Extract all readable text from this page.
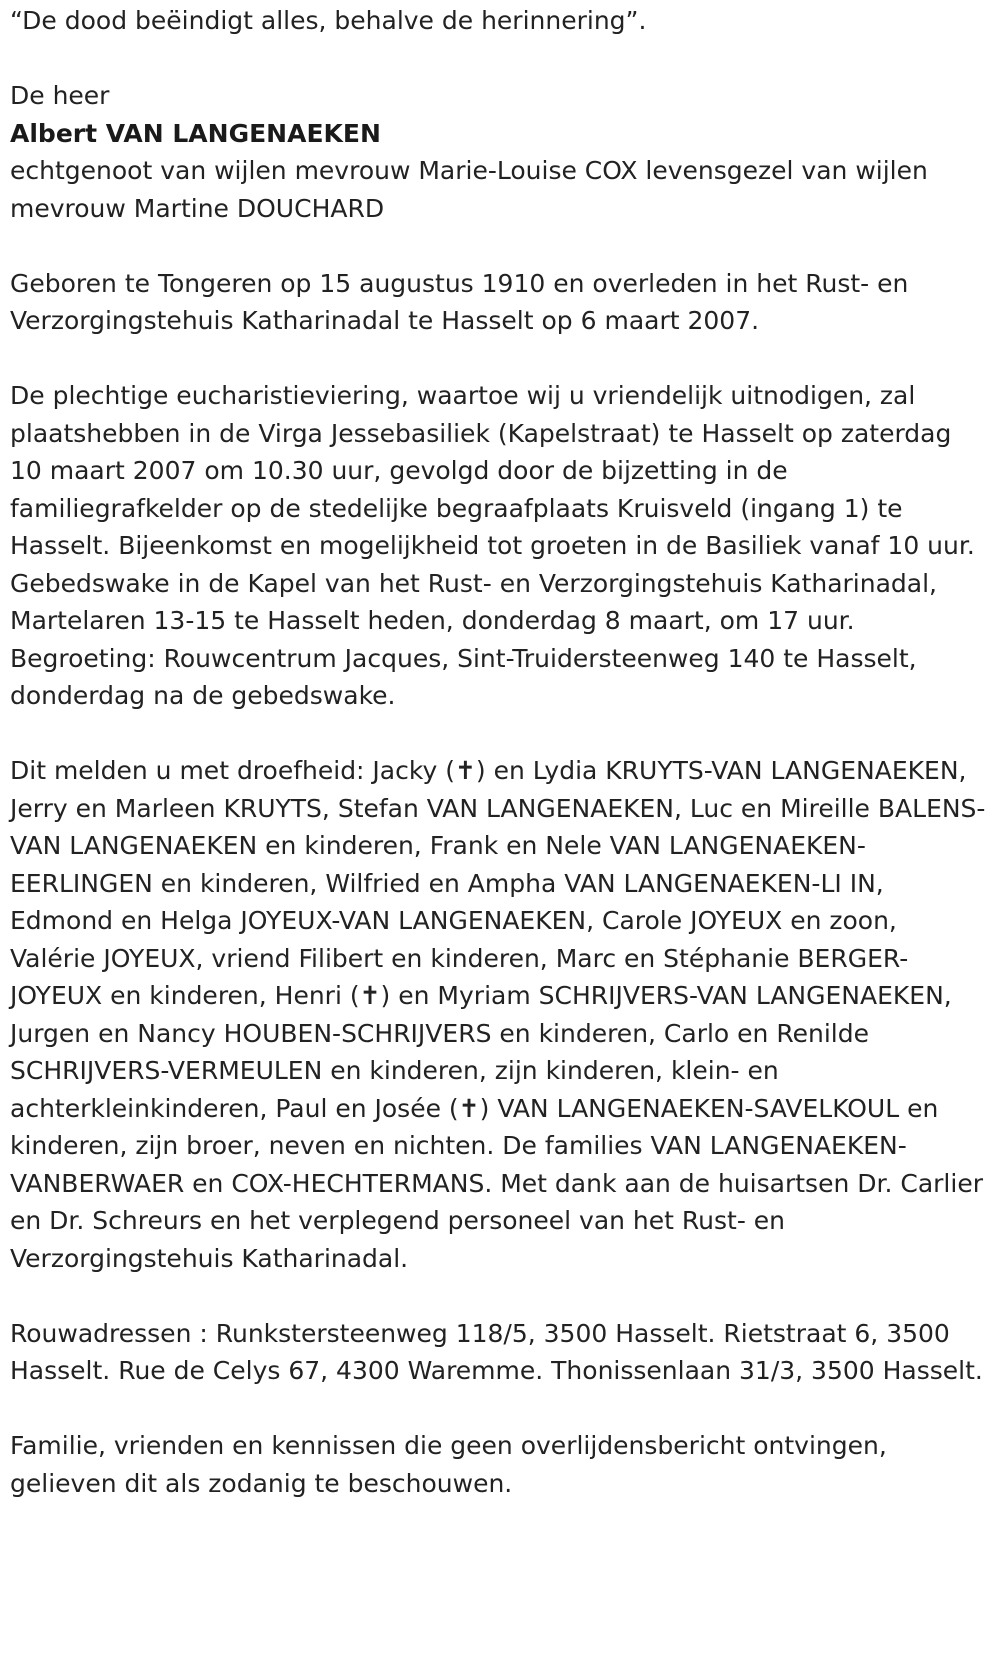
“De dood beëindigt alles, behalve de herinnering”.

De heer

Albert VAN LANGENAEKEN

echtgenoot van wijlen mevrouw Marie-Louise COX levensgezel van wijlen mevrouw Martine DOUCHARD

Geboren te Tongeren op 15 augustus 1910 en overleden in het Rust- en Verzorgingstehuis Katharinadal te Hasselt op 6 maart 2007.

De plechtige eucharistieviering, waartoe wij u vriendelijk uitnodigen, zal plaatshebben in de Virga Jessebasiliek (Kapelstraat) te Hasselt op zaterdag 10 maart 2007 om 10.30 uur, gevolgd door de bijzetting in de familiegrafkelder op de stedelijke begraafplaats Kruisveld (ingang 1) te Hasselt. Bijeenkomst en mogelijkheid tot groeten in de Basiliek vanaf 10 uur. Gebedswake in de Kapel van het Rust- en Verzorgingstehuis Katharinadal, Martelaren 13-15 te Hasselt heden, donderdag 8 maart, om 17 uur. Begroeting: Rouwcentrum Jacques, Sint-Truidersteenweg 140 te Hasselt, donderdag na de gebedswake.

Dit melden u met droefheid: Jacky (✝) en Lydia KRUYTS-VAN LANGENAEKEN, Jerry en Marleen KRUYTS, Stefan VAN LANGENAEKEN, Luc en Mireille BALENS-VAN LANGENAEKEN en kinderen, Frank en Nele VAN LANGENAEKEN-EERLINGEN en kinderen, Wilfried en Ampha VAN LANGENAEKEN-LI IN, Edmond en Helga JOYEUX-VAN LANGENAEKEN, Carole JOYEUX en zoon, Valérie JOYEUX, vriend Filibert en kinderen, Marc en Stéphanie BERGER-JOYEUX en kinderen, Henri (✝) en Myriam SCHRIJVERS-VAN LANGENAEKEN, Jurgen en Nancy HOUBEN-SCHRIJVERS en kinderen, Carlo en Renilde SCHRIJVERS-VERMEULEN en kinderen, zijn kinderen, klein- en achterkleinkinderen, Paul en Josée (✝) VAN LANGENAEKEN-SAVELKOUL en kinderen, zijn broer, neven en nichten. De families VAN LANGENAEKEN-VANBERWAER en COX-HECHTERMANS. Met dank aan de huisartsen Dr. Carlier en Dr. Schreurs en het verplegend personeel van het Rust- en Verzorgingstehuis Katharinadal.

Rouwadressen : Runkstersteenweg 118/5, 3500 Hasselt. Rietstraat 6, 3500 Hasselt. Rue de Celys 67, 4300 Waremme. Thonissenlaan 31/3, 3500 Hasselt.

Familie, vrienden en kennissen die geen overlijdensbericht ontvingen, gelieven dit als zodanig te beschouwen.
